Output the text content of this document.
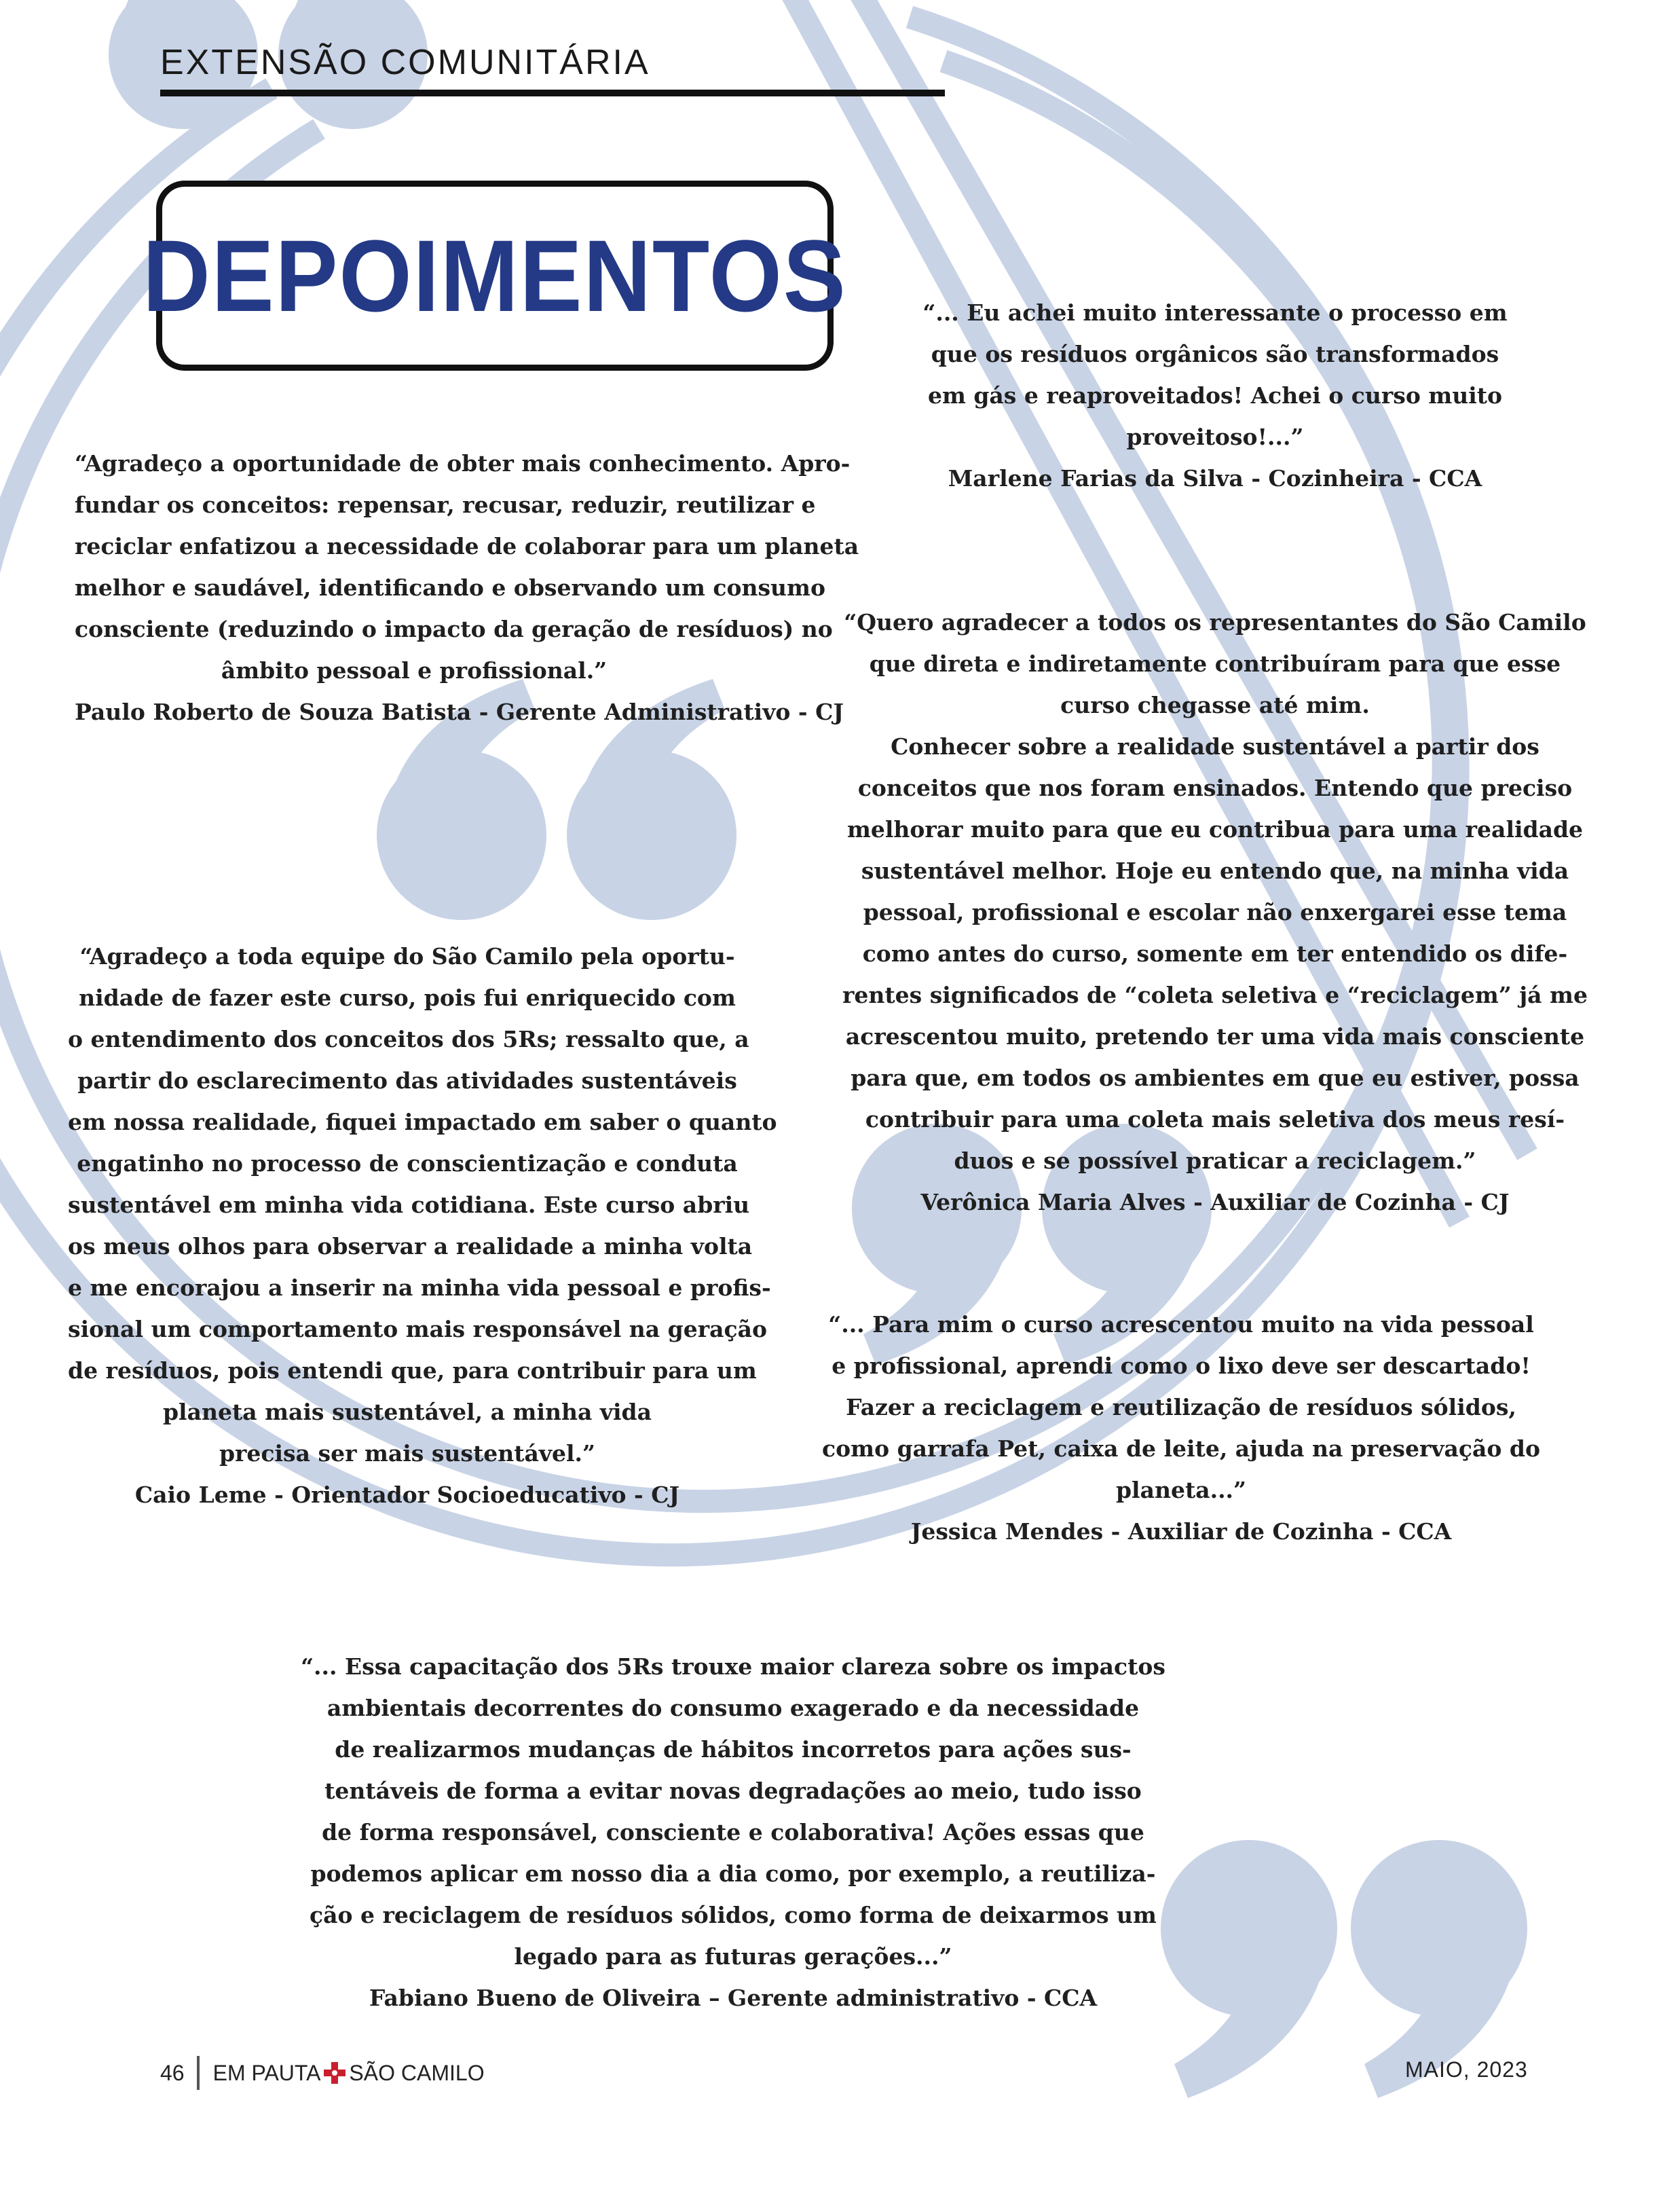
EXTENSÃO COMUNITÁRIA
DEPOIMENTOS
“Agradeço a oportunidade de obter mais conhecimento. Apro-
fundar os conceitos: repensar, recusar, reduzir, reutilizar e
reciclar enfatizou a necessidade de colaborar para um planeta
melhor e saudável, identificando e observando um consumo
consciente (reduzindo o impacto da geração de resíduos) no
âmbito pessoal e profissional.”
Paulo Roberto de Souza Batista - Gerente Administrativo - CJ
“... Eu achei muito interessante o processo em
que os resíduos orgânicos são transformados
em gás e reaproveitados! Achei o curso muito
proveitoso!...”
Marlene Farias da Silva - Cozinheira - CCA
“Quero agradecer a todos os representantes do São Camilo
que direta e indiretamente contribuíram para que esse
curso chegasse até mim.
Conhecer sobre a realidade sustentável a partir dos
conceitos que nos foram ensinados. Entendo que preciso
melhorar muito para que eu contribua para uma realidade
sustentável melhor. Hoje eu entendo que, na minha vida
pessoal, profissional e escolar não enxergarei esse tema
como antes do curso, somente em ter entendido os dife-
rentes significados de “coleta seletiva e “reciclagem” já me
acrescentou muito, pretendo ter uma vida mais consciente
para que, em todos os ambientes em que eu estiver, possa
contribuir para uma coleta mais seletiva dos meus resí-
duos e se possível praticar a reciclagem.”
Verônica Maria Alves - Auxiliar de Cozinha - CJ
“Agradeço a toda equipe do São Camilo pela oportu-
nidade de fazer este curso, pois fui enriquecido com
o entendimento dos conceitos dos 5Rs; ressalto que, a
partir do esclarecimento das atividades sustentáveis
em nossa realidade, fiquei impactado em saber o quanto
engatinho no processo de conscientização e conduta
sustentável em minha vida cotidiana. Este curso abriu
os meus olhos para observar a realidade a minha volta
e me encorajou a inserir na minha vida pessoal e profis-
sional um comportamento mais responsável na geração
de resíduos, pois entendi que, para contribuir para um
planeta mais sustentável, a minha vida
precisa ser mais sustentável.”
Caio Leme - Orientador Socioeducativo - CJ
“... Para mim o curso acrescentou muito na vida pessoal
e profissional, aprendi como o lixo deve ser descartado!
Fazer a reciclagem e reutilização de resíduos sólidos,
como garrafa Pet, caixa de leite, ajuda na preservação do
planeta...”
Jessica Mendes - Auxiliar de Cozinha - CCA
“... Essa capacitação dos 5Rs trouxe maior clareza sobre os impactos
ambientais decorrentes do consumo exagerado e da necessidade
de realizarmos mudanças de hábitos incorretos para ações sus-
tentáveis de forma a evitar novas degradações ao meio, tudo isso
de forma responsável, consciente e colaborativa! Ações essas que
podemos aplicar em nosso dia a dia como, por exemplo, a reutiliza-
ção e reciclagem de resíduos sólidos, como forma de deixarmos um
legado para as futuras gerações...”
Fabiano Bueno de Oliveira – Gerente administrativo - CCA
46 EM PAUTA SÃO CAMILO	MAIO, 2023
